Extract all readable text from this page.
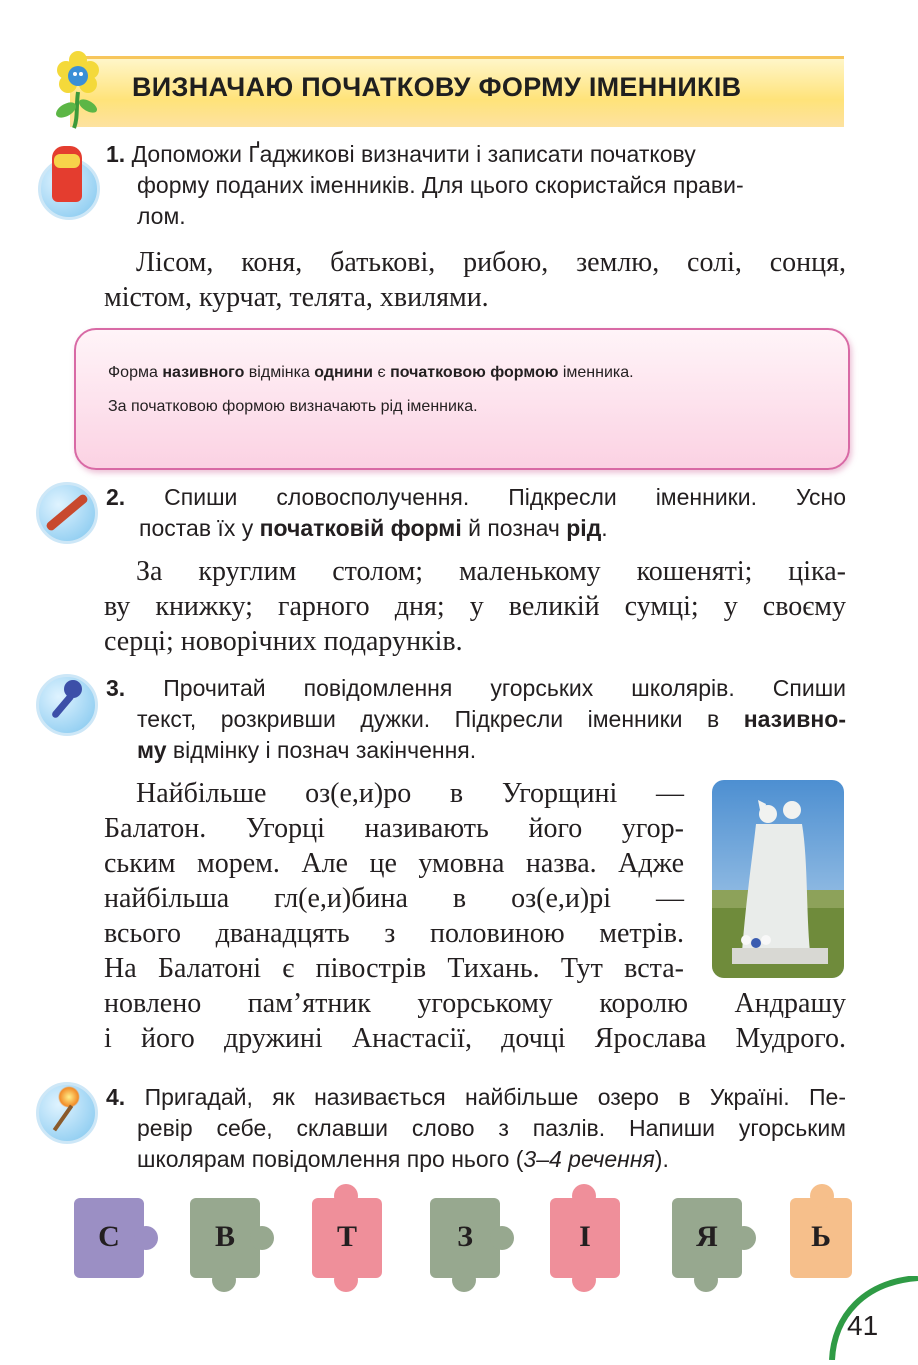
ВИЗНАЧАЮ ПОЧАТКОВУ ФОРМУ ІМЕННИКІВ
1. Допоможи Ґаджикові визначити і записати початкову
форму поданих іменників. Для цього скористайся прави-
лом.
Лісом, коня, батькові, рибою, землю, солі, сонця,
містом, курчат, телята, хвилями.

Форма називного відмінка однини є початковою формою іменника.

За початковою формою визначають рід іменника.

2. Спиши словосполучення. Підкресли іменники. Усно
постав їх у початковій формі й познач рід.
За круглим столом; маленькому кошеняті; ціка-
ву книжку; гарного дня; у великій сумці; у своєму
серці; новорічних подарунків.
3. Прочитай повідомлення угорських школярів. Спиши
текст, розкривши дужки. Підкресли іменники в називно-
му відмінку і познач закінчення.
Найбільше оз(е,и)ро в Угорщині —
Балатон. Угорці називають його угор-
ським морем. Але це умовна назва. Адже
найбільша гл(е,и)бина в оз(е,и)рі —
всього дванадцять з половиною метрів.
На Балатоні є півострів Тихань. Тут вста-
новлено пам’ятник угорському королю Андрашу
і його дружині Анастасії, дочці Ярослава Мудрого.
4. Пригадай, як називається найбільше озеро в Україні. Пе-
ревір себе, склавши слово з пазлів. Напиши угорським
школярам повідомлення про нього (3–4 речення).
С	В	Т	З	І	Я	Ь
41
